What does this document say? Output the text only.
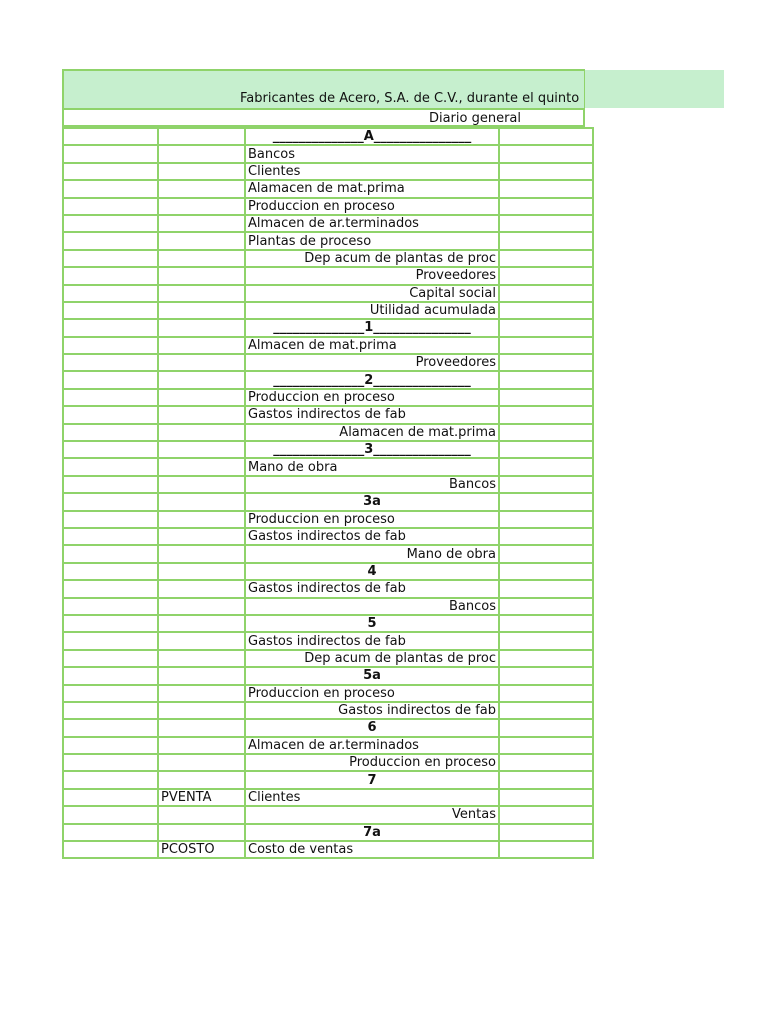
Fabricantes de Acero, S.A. de C.V., durante el quinto
Diario general
		______________A_______________	
		Bancos	
		Clientes	
		Alamacen de mat.prima	
		Produccion en proceso	
		Almacen de ar.terminados	
		Plantas de proceso	
		Dep acum de plantas de proc	
		Proveedores	
		Capital social	
		Utilidad acumulada	
		______________1_______________	
		Almacen de mat.prima	
		Proveedores	
		______________2_______________	
		Produccion en proceso	
		Gastos indirectos de fab	
		Alamacen de mat.prima	
		______________3_______________	
		Mano de obra	
		Bancos	
		3a	
		Produccion en proceso	
		Gastos indirectos de fab	
		Mano de obra	
		4	
		Gastos indirectos de fab	
		Bancos	
		5	
		Gastos indirectos de fab	
		Dep acum de plantas de proc	
		5a	
		Produccion en proceso	
		Gastos indirectos de fab	
		6	
		Almacen de ar.terminados	
		Produccion en proceso	
		7	
	PVENTA	Clientes	
		Ventas	
		7a	
	PCOSTO	Costo de ventas	
